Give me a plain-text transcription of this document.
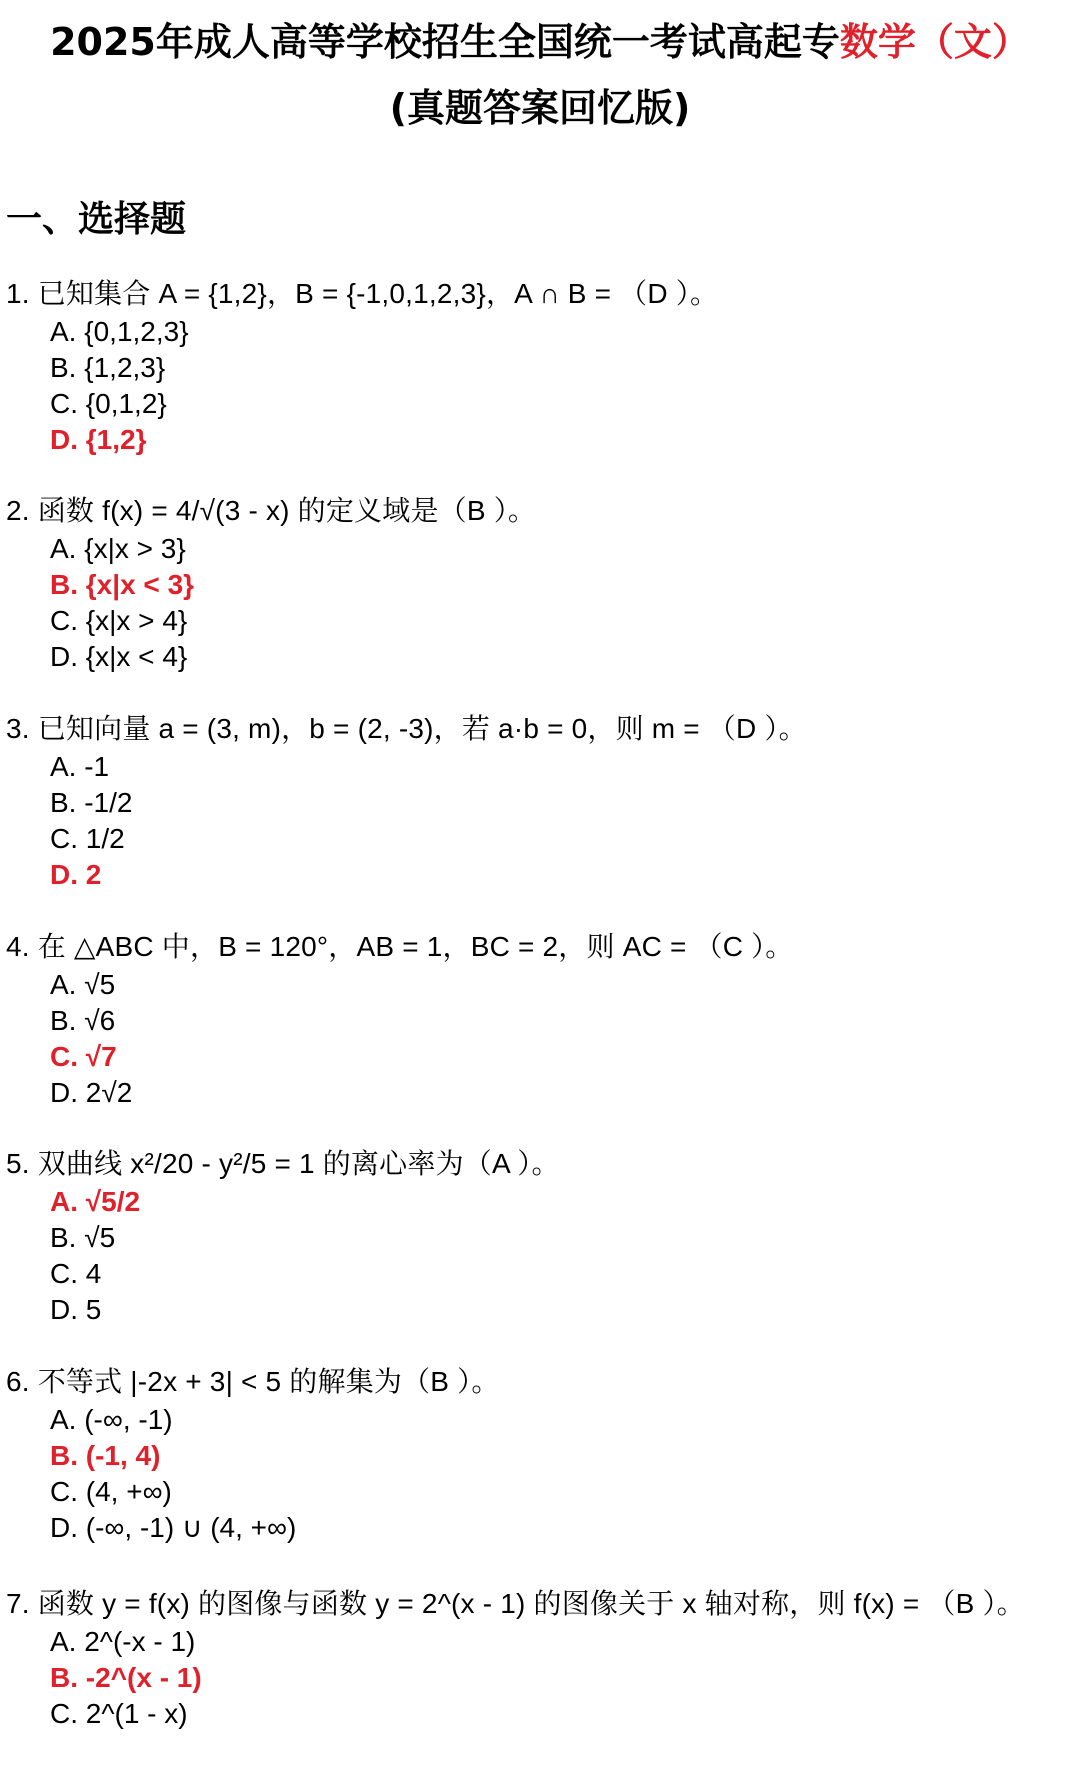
2025年成人高等学校招生全国统一考试高起专数学（文）
(真题答案回忆版)
一、选择题
1. 已知集合 A = {1,2}，B = {-1,0,1,2,3}，A ∩ B = （D ）。
A. {0,1,2,3}
B. {1,2,3}
C. {0,1,2}
D. {1,2}
2. 函数 f(x) = 4/√(3 - x) 的定义域是（B ）。
A. {x|x > 3}
B. {x|x < 3}
C. {x|x > 4}
D. {x|x < 4}
3. 已知向量 a = (3, m)，b = (2, -3)，若 a·b = 0，则 m = （D ）。
A. -1
B. -1/2
C. 1/2
D. 2
4. 在 △ABC 中，B = 120°，AB = 1，BC = 2，则 AC = （C ）。
A. √5
B. √6
C. √7
D. 2√2
5. 双曲线 x²/20 - y²/5 = 1 的离心率为（A ）。
A. √5/2
B. √5
C. 4
D. 5
6. 不等式 |-2x + 3| < 5 的解集为（B ）。
A. (-∞, -1)
B. (-1, 4)
C. (4, +∞)
D. (-∞, -1) ∪ (4, +∞)
7. 函数 y = f(x) 的图像与函数 y = 2^(x - 1) 的图像关于 x 轴对称，则 f(x) = （B ）。
A. 2^(-x - 1)
B. -2^(x - 1)
C. 2^(1 - x)
